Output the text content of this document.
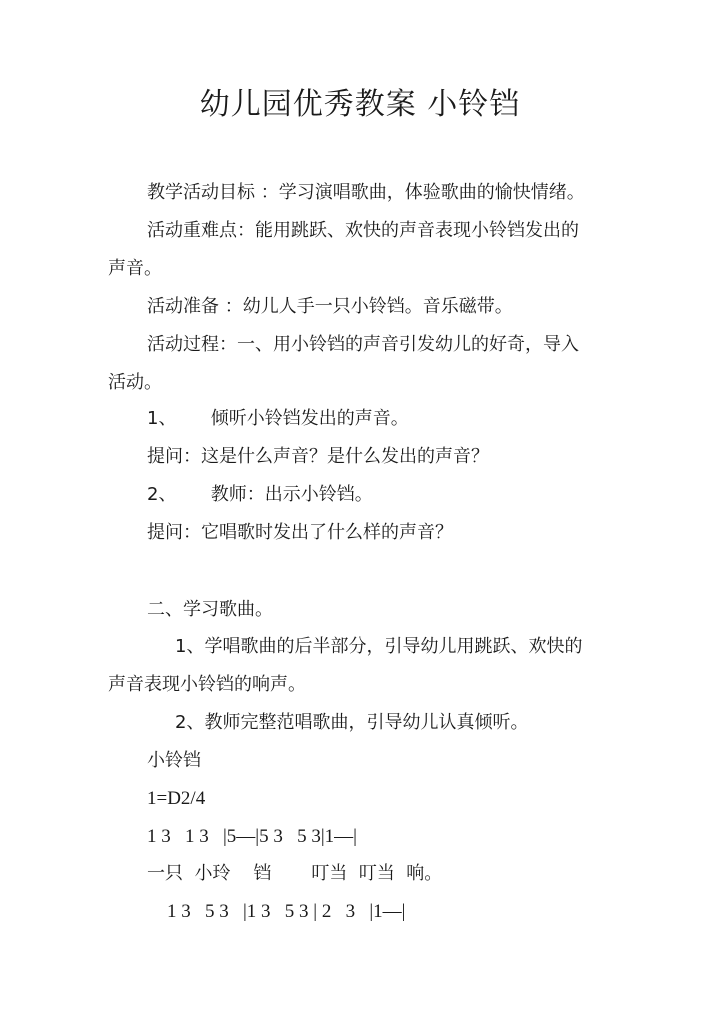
幼儿园优秀教案 小铃铛
教学活动目标 ：学习演唱歌曲，体验歌曲的愉快情绪。
活动重难点：能用跳跃、欢快的声音表现小铃铛发出的
声音。
活动准备 ：幼儿人手一只小铃铛。音乐磁带。
活动过程：一、用小铃铛的声音引发幼儿的好奇，导入
活动。
1、      倾听小铃铛发出的声音。
提问：这是什么声音？是什么发出的声音？
2、      教师：出示小铃铛。
提问：它唱歌时发出了什么样的声音？
二、学习歌曲。
1、学唱歌曲的后半部分，引导幼儿用跳跃、欢快的
声音表现小铃铛的响声。
2、教师完整范唱歌曲，引导幼儿认真倾听。
小铃铛
1=D2/4
1 3   1 3   |5—|5 3   5 3|1—|
一只  小玲    铛       叮当  叮当  响。
1 3   5 3   |1 3   5 3 | 2   3   |1—|
